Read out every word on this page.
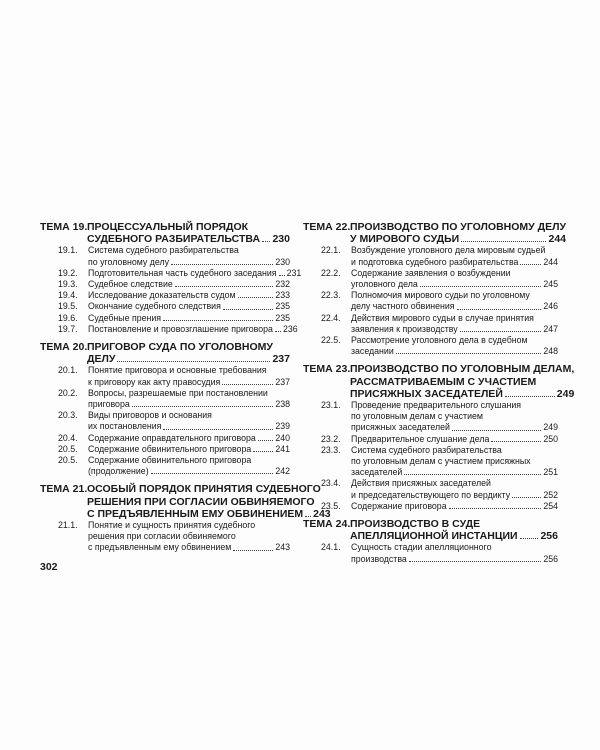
ТЕМА 19. ПРОЦЕССУАЛЬНЫЙ ПОРЯДОК
СУДЕБНОГО РАЗБИРАТЕЛЬСТВА 230
19.1.	Система судебного разбирательства
по уголовному делу	230
19.2.	Подготовительная часть судебного заседания 231
19.3.	Судебное следствие	232
19.4.	Исследование доказательств судом	233
19.5.	Окончание судебного следствия	235
19.6.	Судебные прения	235
19.7.	Постановление и провозглашение приговора 236
ТЕМА 20. ПРИГОВОР СУДА ПО УГОЛОВНОМУ
ДЕЛУ	237
20.1.	Понятие приговора и основные требования
к приговору как акту правосудия	237
20.2.	Вопросы, разрешаемые при постановлении
приговора	238
20.3.	Виды приговоров и основания
их постановления	239
20.4.	Содержание оправдательного приговора 240
20.5.	Содержание обвинительного приговора	241
20.5.	Содержание обвинительного приговора
(продолжение)	242
ТЕМА 21. ОСОБЫЙ ПОРЯДОК ПРИНЯТИЯ СУДЕБНОГО
РЕШЕНИЯ ПРИ СОГЛАСИИ ОБВИНЯЕМОГО
С ПРЕДЪЯВЛЕННЫМ ЕМУ ОБВИНЕНИЕМ 243
21.1.	Понятие и сущность принятия судебного
решения при согласии обвиняемого
с предъявленным ему обвинением	243
ТЕМА 22. ПРОИЗВОДСТВО ПО УГОЛОВНОМУ ДЕЛУ
У МИРОВОГО СУДЬИ	244
22.1.	Возбуждение уголовного дела мировым судьей
и подготовка судебного разбирательства	244
22.2.	Содержание заявления о возбуждении
уголовного дела	245
22.3.	Полномочия мирового судьи по уголовному
делу частного обвинения	246
22.4.	Действия мирового судьи в случае принятия
заявления к производству	247
22.5.	Рассмотрение уголовного дела в судебном
заседании	248
ТЕМА 23. ПРОИЗВОДСТВО ПО УГОЛОВНЫМ ДЕЛАМ,
РАССМАТРИВАЕМЫМ С УЧАСТИЕМ
ПРИСЯЖНЫХ ЗАСЕДАТЕЛЕЙ	249
23.1.	Проведение предварительного слушания
по уголовным делам с участием
присяжных заседателей	249
23.2.	Предварительное слушание дела	250
23.3.	Система судебного разбирательства
по уголовным делам с участием присяжных
заседателей	251
23.4.	Действия присяжных заседателей
и председательствующего по вердикту	252
23.5.	Содержание приговора	254
ТЕМА 24. ПРОИЗВОДСТВО В СУДЕ
АПЕЛЛЯЦИОННОЙ ИНСТАНЦИИ 256
24.1.	Сущность стадии апелляционного
производства	256
302
